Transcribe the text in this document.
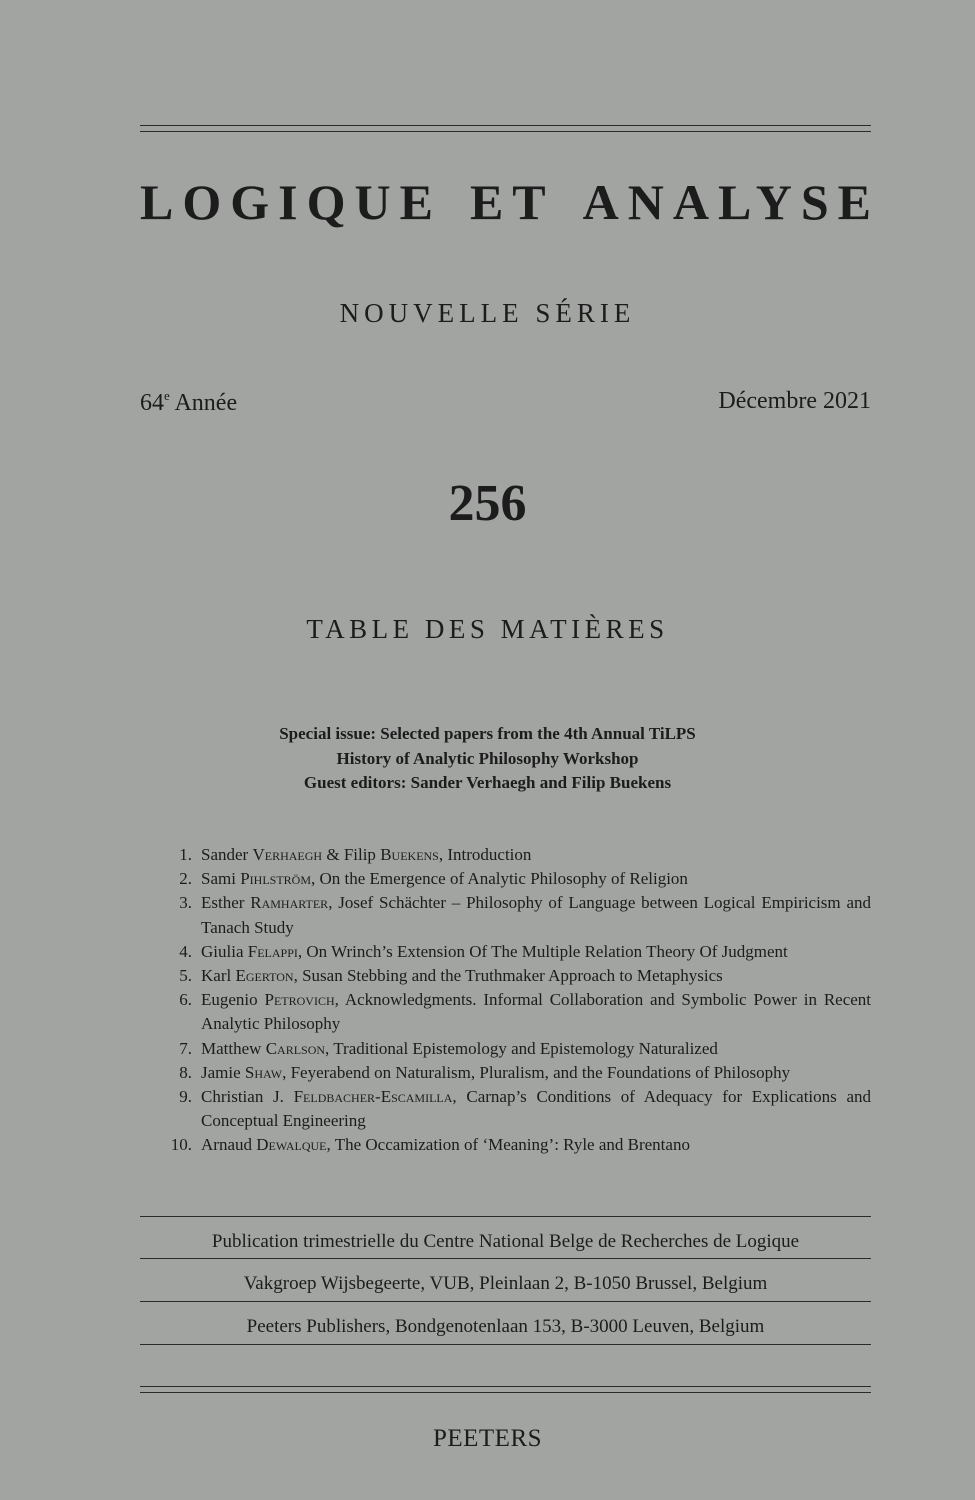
LOGIQUE ET ANALYSE
NOUVELLE SÉRIE
64e Année	Décembre 2021
256
TABLE DES MATIÈRES
Special issue: Selected papers from the 4th Annual TiLPS
History of Analytic Philosophy Workshop
Guest editors: Sander Verhaegh and Filip Buekens
1. Sander Verhaegh & Filip Buekens, Introduction
2. Sami Pihlström, On the Emergence of Analytic Philosophy of Religion
3. Esther Ramharter, Josef Schächter – Philosophy of Language between Logical Empiricism and Tanach Study
4. Giulia Felappi, On Wrinch’s Extension Of The Multiple Relation Theory Of Judgment
5. Karl Egerton, Susan Stebbing and the Truthmaker Approach to Metaphysics
6. Eugenio Petrovich, Acknowledgments. Informal Collaboration and Symbolic Power in Recent Analytic Philosophy
7. Matthew Carlson, Traditional Epistemology and Epistemology Naturalized
8. Jamie Shaw, Feyerabend on Naturalism, Pluralism, and the Foundations of Philosophy
9. Christian J. Feldbacher-Escamilla, Carnap’s Conditions of Adequacy for Explications and Conceptual Engineering
10. Arnaud Dewalque, The Occamization of ‘Meaning’: Ryle and Brentano
Publication trimestrielle du Centre National Belge de Recherches de Logique
Vakgroep Wijsbegeerte, VUB, Pleinlaan 2, B-1050 Brussel, Belgium
Peeters Publishers, Bondgenotenlaan 153, B-3000 Leuven, Belgium
PEETERS
